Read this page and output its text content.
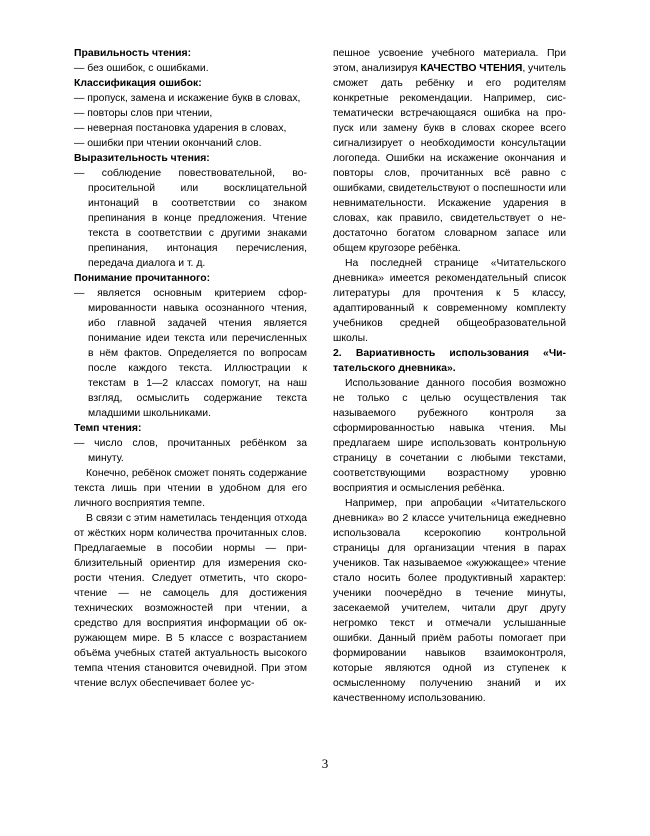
Правильность чтения:

— без ошибок, с ошибками.

Классификация ошибок:

— пропуск, замена и искажение букв в словах,

— повторы слов при чтении,

— неверная постановка ударения в словах,

— ошибки при чтении окончаний слов.

Выразительность чтения:

— соблюдение повествовательной, вопросительной или восклицательной интонаций в соответствии со знаком препинания в конце предложения. Чтение текста в соответствии с другими знаками препинания, интонация перечисления, передача диалога и т. д.

Понимание прочитанного:

— является основным критерием сформированности навыка осознанного чтения, ибо главной задачей чтения является понимание идеи текста или перечисленных в нём фактов. Определяется по вопросам после каждого текста. Иллюстрации к текстам в 1—2 классах помогут, на наш взгляд, осмыслить содержание текста младшими школьниками.

Темп чтения:

— число слов, прочитанных ребёнком за минуту.

Конечно, ребёнок сможет понять содержание текста лишь при чтении в удобном для его личного восприятия темпе.

В связи с этим наметилась тенденция отхода от жёстких норм количества прочитанных слов. Предлагаемые в пособии нормы — приблизительный ориентир для измерения скорости чтения. Следует отметить, что скорочтение — не самоцель для достижения технических возможностей при чтении, а средство для восприятия информации об окружающем мире. В 5 классе с возрастанием объёма учебных статей актуальность высокого темпа чтения становится очевидной. При этом чтение вслух обеспечивает более ус-

пешное усвоение учебного материала. При этом, анализируя КАЧЕСТВО ЧТЕНИЯ, учитель сможет дать ребёнку и его родителям конкретные рекомендации. Например, систематически встречающаяся ошибка на пропуск или замену букв в словах скорее всего сигнализирует о необходимости консультации логопеда. Ошибки на искажение окончания и повторы слов, прочитанных всё равно с ошибками, свидетельствуют о поспешности или невнимательности. Искажение ударения в словах, как правило, свидетельствует о недостаточно богатом словарном запасе или общем кругозоре ребёнка.

На последней странице «Читательского дневника» имеется рекомендательный список литературы для прочтения к 5 классу, адаптированный к современному комплекту учебников средней общеобразовательной школы.

2. Вариативность использования «Читательского дневника».

Использование данного пособия возможно не только с целью осуществления так называемого рубежного контроля за сформированностью навыка чтения. Мы предлагаем шире использовать контрольную страницу в сочетании с любыми текстами, соответствующими возрастному уровню восприятия и осмысления ребёнка.

Например, при апробации «Читательского дневника» во 2 классе учительница ежедневно использовала ксерокопию контрольной страницы для организации чтения в парах учеников. Так называемое «жужжащее» чтение стало носить более продуктивный характер: ученики поочерёдно в течение минуты, засекаемой учителем, читали друг другу негромко текст и отмечали услышанные ошибки. Данный приём работы помогает при формировании навыков взаимоконтроля, которые являются одной из ступенек к осмысленному получению знаний и их качественному использованию.

3
